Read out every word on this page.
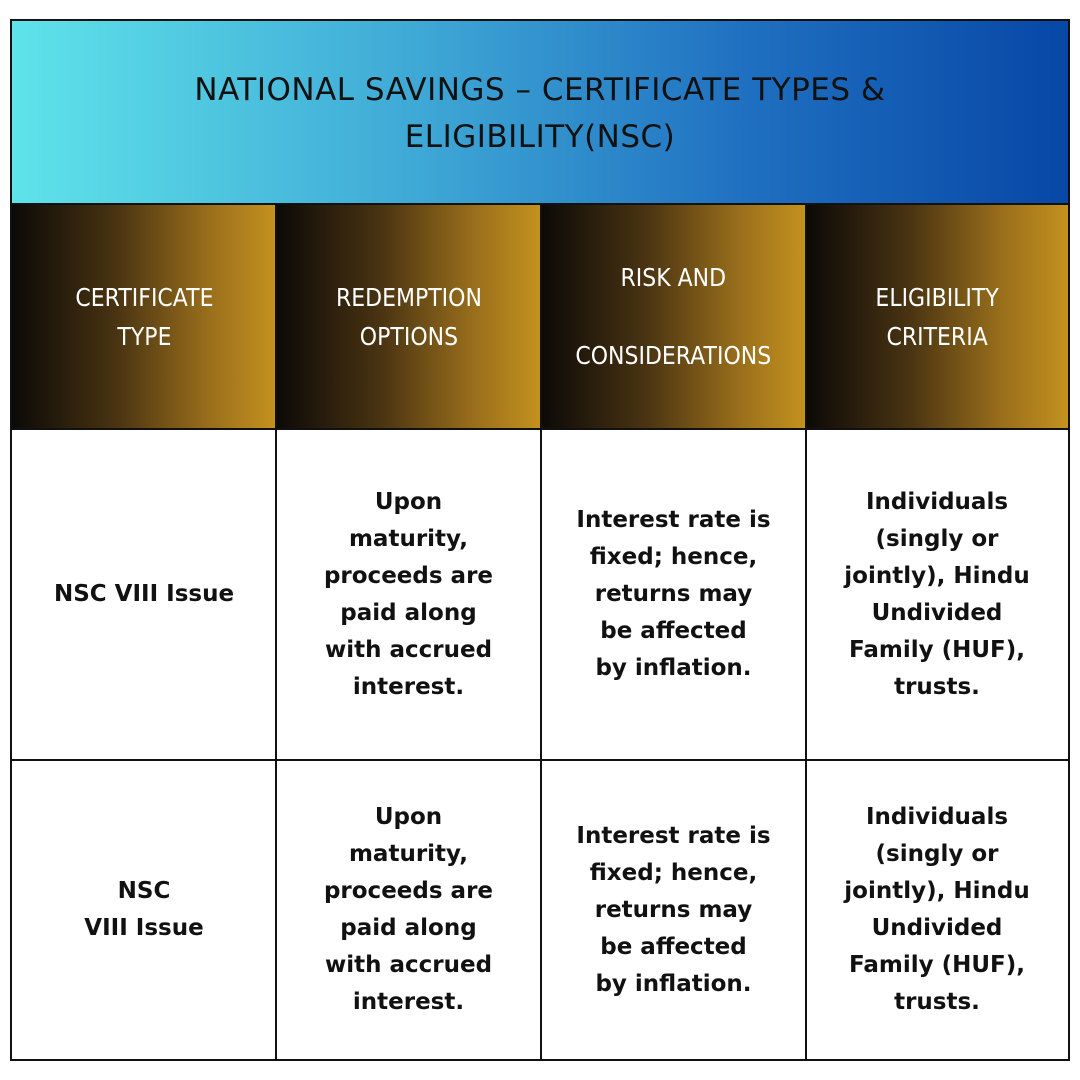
NATIONAL SAVINGS – CERTIFICATE TYPES & ELIGIBILITY(NSC)
CERTIFICATE
TYPE
REDEMPTION
OPTIONS
RISK AND

CONSIDERATIONS
ELIGIBILITY
CRITERIA
NSC VIII Issue
Upon
maturity,
proceeds are
paid along
with accrued
interest.
Interest rate is
fixed; hence,
returns may
be affected
by inflation.
Individuals
(singly or
jointly), Hindu
Undivided
Family (HUF),
trusts.
NSC
VIII Issue
Upon
maturity,
proceeds are
paid along
with accrued
interest.
Interest rate is
fixed; hence,
returns may
be affected
by inflation.
Individuals
(singly or
jointly), Hindu
Undivided
Family (HUF),
trusts.
